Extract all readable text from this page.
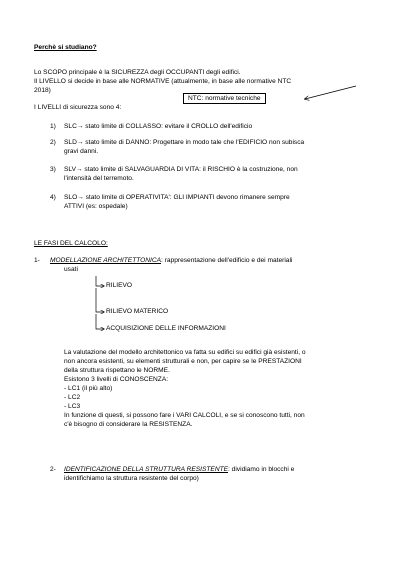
Perchè si studiano?
Lo SCOPO principale è la SICUREZZA degli OCCUPANTI degli edifici.
Il LIVELLO si decide in base alle NORMATIVE (attualmente, in base alle normative NTC
2018)
NTC: normative tecniche
I LIVELLI di sicurezza sono 4:
1) SLC→ stato limite di COLLASSO: evitare il CROLLO dell'edificio
2) SLD→ stato limite di DANNO: Progettare in modo tale che l'EDIFICIO non subisca
gravi danni.
3) SLV→ stato limite di SALVAGUARDIA DI VITA: il RISCHIO è la costruzione, non
l'intensità del terremoto.
4) SLO→ stato limite di OPERATIVITA': GLI IMPIANTI devono rimanere sempre
ATTIVI (es: ospedale)
LE FASI DEL CALCOLO:
1- MODELLAZIONE ARCHITETTONICA: rappresentazione dell'edificio e dei materiali
usati
RILIEVO
RILIEVO MATERICO
ACQUISIZIONE DELLE INFORMAZIONI
La valutazione del modello architettonico va fatta su edifici su edifici già esistenti, o
non ancora esistenti, su elementi strutturali e non, per capire se le PRESTAZIONI
della struttura rispettano le NORME.
Esistono 3 livelli di CONOSCENZA:
- LC1 (il più alto)
- LC2
- LC3
In funzione di questi, si possono fare i VARI CALCOLI, e se si conoscono tutti, non
c'è bisogno di considerare la RESISTENZA.
2- IDENTIFICAZIONE DELLA STRUTTURA RESISTENTE: dividiamo in blocchi e
identifichiamo la struttura resistente del corpo)
